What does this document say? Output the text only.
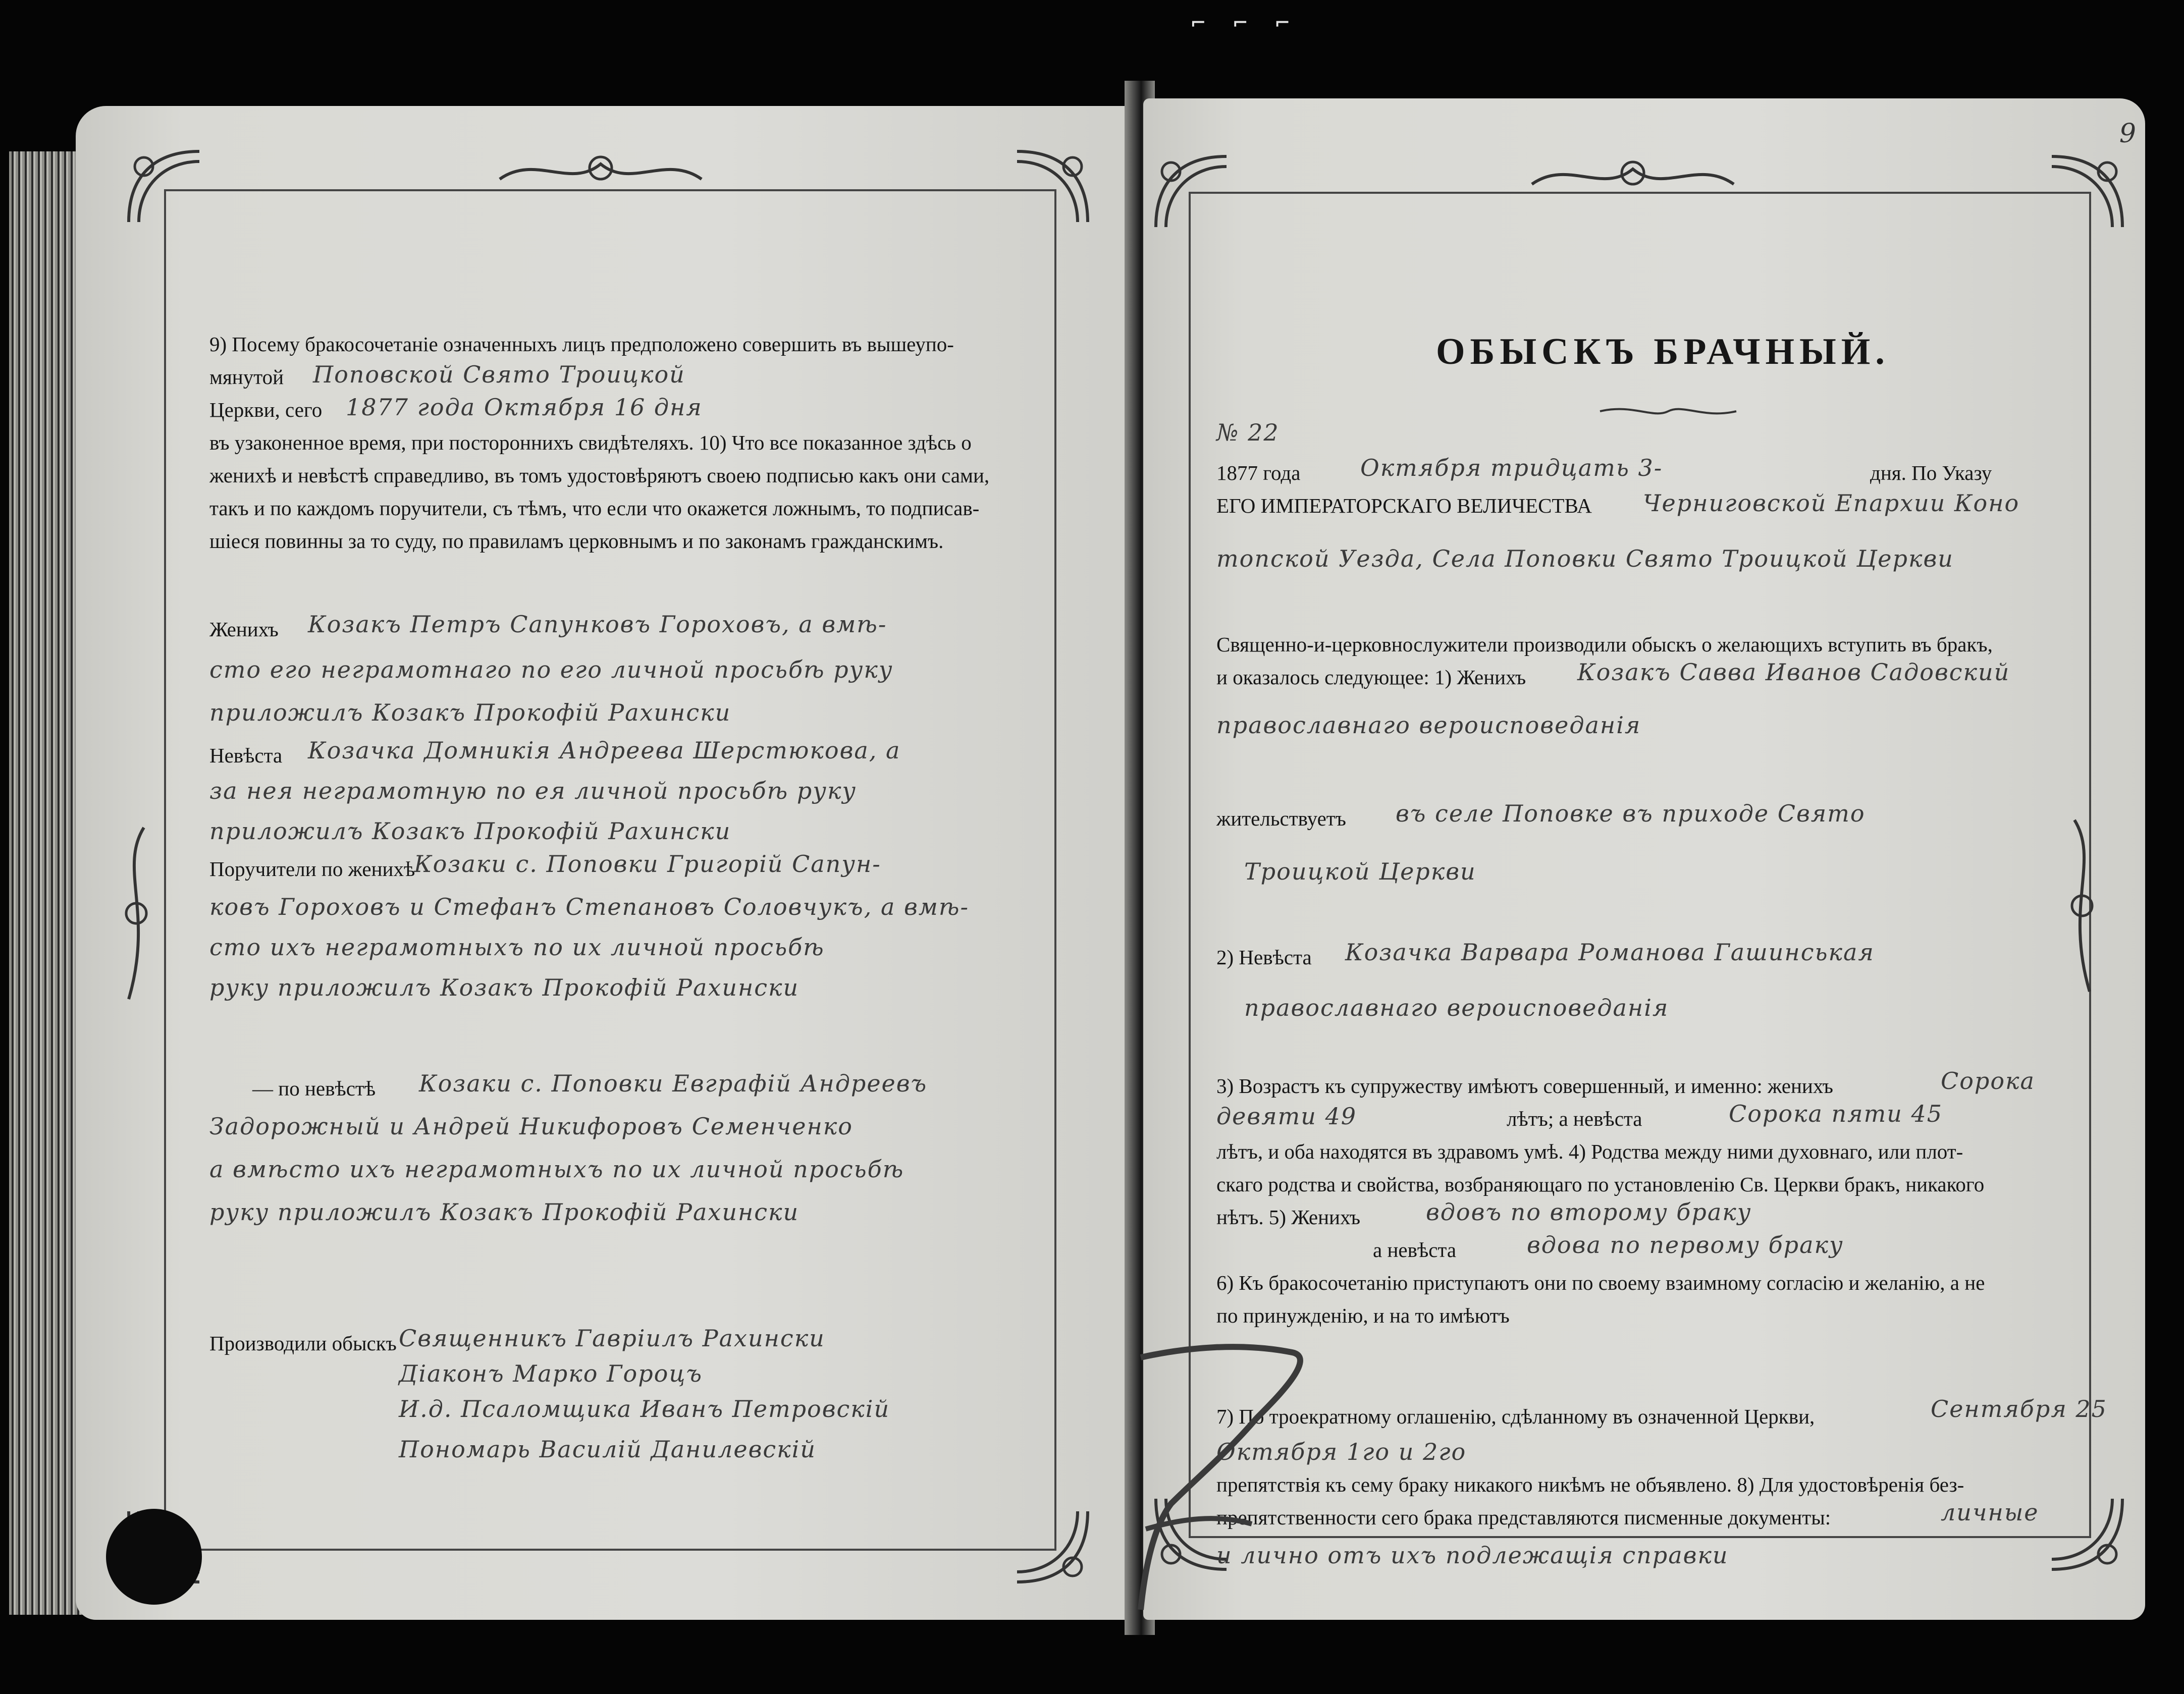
⌐ ⌐ ⌐
9) Посему бракосочетаніе означенныхъ лицъ предположено совершить въ вышеупо-
мянутой Поповской Свято Троицкой
Церкви, сего 1877 года Октября 16 дня
въ узаконенное время, при постороннихъ свидѣтеляхъ. 10) Что все показанное здѣсь о
женихѣ и невѣстѣ справедливо, въ томъ удостовѣряютъ своею подписью какъ они сами,
такъ и по каждомъ поручители, съ тѣмъ, что если что окажется ложнымъ, то подписав-
шіеся повинны за то суду, по правиламъ церковнымъ и по законамъ гражданскимъ.
Женихъ Козакъ Петръ Сапунковъ Гороховъ, а вмѣ-
сто его неграмотнаго по его личной просьбѣ руку
приложилъ Козакъ Прокофій Рахински
Невѣста Козачка Домникія Андреева Шерстюкова, а
за нея неграмотную по ея личной просьбѣ руку
приложилъ Козакъ Прокофій Рахински
Поручители по женихѣ
Козаки с. Поповки Григорій Сапун-
ковъ Гороховъ и Стефанъ Степановъ Соловчукъ, а вмѣ-
сто ихъ неграмотныхъ по их личной просьбѣ
руку приложилъ Козакъ Прокофій Рахински
— по невѣстѣ Козаки с. Поповки Евграфій Андреевъ
Задорожный и Андрей Никифоровъ Семенченко
а вмѣсто ихъ неграмотныхъ по их личной просьбѣ
руку приложилъ Козакъ Прокофій Рахински
Производили обыскъ Священникъ Гавріилъ Рахински
Діаконъ Марко Гороцъ
И.д. Псаломщика Иванъ Петровскій
Пономарь Василій Данилевскій
9
ОБЫСКЪ БРАЧНЫЙ.
№ 22
1877 года	Октября тридцать 3-	дня. По Указу
ЕГО ИМПЕРАТОРСКАГО ВЕЛИЧЕСТВА Черниговской Епархии Коно
топской Уезда, Села Поповки Свято Троицкой Церкви
Священно-и-церковнослужители производили обыскъ о желающихъ вступить въ бракъ,
и оказалось следующее: 1) Женихъ Козакъ Савва Иванов Садовский
православнаго вероисповеданія
жительствуетъ въ селе Поповке въ приходе Свято
Троицкой Церкви
2) Невѣста Козачка Варвара Романова Гашинськая
православнаго вероисповеданія
3) Возрастъ къ супружеству имѣютъ совершенный, и именно: женихъ	Сорока
девяти 49	лѣтъ; а невѣста	Сорока пяти 45
лѣтъ, и оба находятся въ здравомъ умѣ. 4) Родства между ними духовнаго, или плот-
скаго родства и свойства, возбраняющаго по установленію Св. Церкви бракъ, никакого
нѣтъ. 5) Женихъ	вдовъ по второму браку
а невѣста	вдова по первому браку
6) Къ бракосочетанію приступаютъ они по своему взаимному согласію и желанію, а не
по принужденію, и на то имѣютъ
7) По троекратному оглашенію, сдѣланному въ означенной Церкви,	Сентября 25
Октября 1го и 2го
препятствія къ сему браку никакого никѣмъ не объявлено. 8) Для удостовѣренія без-
препятственности сего брака представляются писменные документы:	личные
и лично отъ ихъ подлежащія справки
